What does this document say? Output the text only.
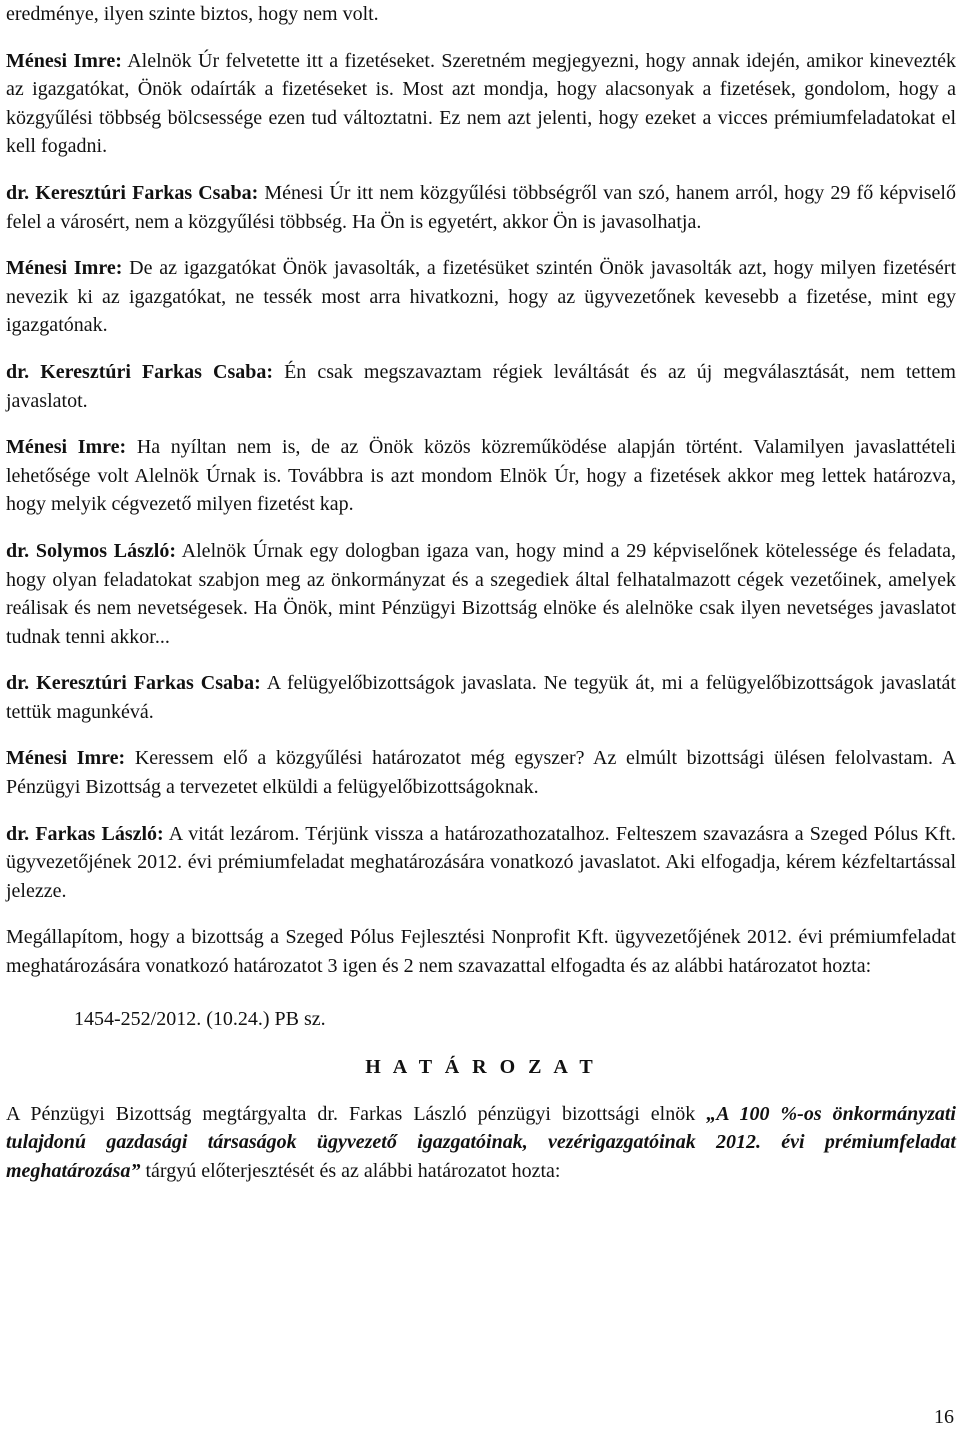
eredménye, ilyen szinte biztos, hogy nem volt.

Ménesi Imre: Alelnök Úr felvetette itt a fizetéseket. Szeretném megjegyezni, hogy annak idején, amikor kinevezték az igazgatókat, Önök odaírták a fizetéseket is. Most azt mondja, hogy alacsonyak a fizetések, gondolom, hogy a közgyűlési többség bölcsessége ezen tud változtatni. Ez nem azt jelenti, hogy ezeket a vicces prémiumfeladatokat el kell fogadni.

dr. Keresztúri Farkas Csaba: Ménesi Úr itt nem közgyűlési többségről van szó, hanem arról, hogy 29 fő képviselő felel a városért, nem a közgyűlési többség. Ha Ön is egyetért, akkor Ön is javasolhatja.

Ménesi Imre: De az igazgatókat Önök javasolták, a fizetésüket szintén Önök javasolták azt, hogy milyen fizetésért nevezik ki az igazgatókat, ne tessék most arra hivatkozni, hogy az ügyvezetőnek kevesebb a fizetése, mint egy igazgatónak.

dr. Keresztúri Farkas Csaba: Én csak megszavaztam régiek leváltását és az új megválasztását, nem tettem javaslatot.

Ménesi Imre: Ha nyíltan nem is, de az Önök közös közreműködése alapján történt. Valamilyen javaslattételi lehetősége volt Alelnök Úrnak is. Továbbra is azt mondom Elnök Úr, hogy a fizetések akkor meg lettek határozva, hogy melyik cégvezető milyen fizetést kap.

dr. Solymos László: Alelnök Úrnak egy dologban igaza van, hogy mind a 29 képviselőnek kötelessége és feladata, hogy olyan feladatokat szabjon meg az önkormányzat és a szegediek által felhatalmazott cégek vezetőinek, amelyek reálisak és nem nevetségesek. Ha Önök, mint Pénzügyi Bizottság elnöke és alelnöke csak ilyen nevetséges javaslatot tudnak tenni akkor...

dr. Keresztúri Farkas Csaba: A felügyelőbizottságok javaslata. Ne tegyük át, mi a felügyelőbizottságok javaslatát tettük magunkévá.

Ménesi Imre: Keressem elő a közgyűlési határozatot még egyszer? Az elmúlt bizottsági ülésen felolvastam. A Pénzügyi Bizottság a tervezetet elküldi a felügyelőbizottságoknak.

dr. Farkas László: A vitát lezárom. Térjünk vissza a határozathozatalhoz. Felteszem szavazásra a Szeged Pólus Kft. ügyvezetőjének 2012. évi prémiumfeladat meghatározására vonatkozó javaslatot. Aki elfogadja, kérem kézfeltartással jelezze.

Megállapítom, hogy a bizottság a Szeged Pólus Fejlesztési Nonprofit Kft. ügyvezetőjének 2012. évi prémiumfeladat meghatározására vonatkozó határozatot 3 igen és 2 nem szavazattal elfogadta és az alábbi határozatot hozta:

1454-252/2012. (10.24.) PB sz.

H A T Á R O Z A T

A Pénzügyi Bizottság megtárgyalta dr. Farkas László pénzügyi bizottsági elnök „A 100 %-os önkormányzati tulajdonú gazdasági társaságok ügyvezető igazgatóinak, vezérigazgatóinak 2012. évi prémiumfeladat meghatározása” tárgyú előterjesztését és az alábbi határozatot hozta:

16
